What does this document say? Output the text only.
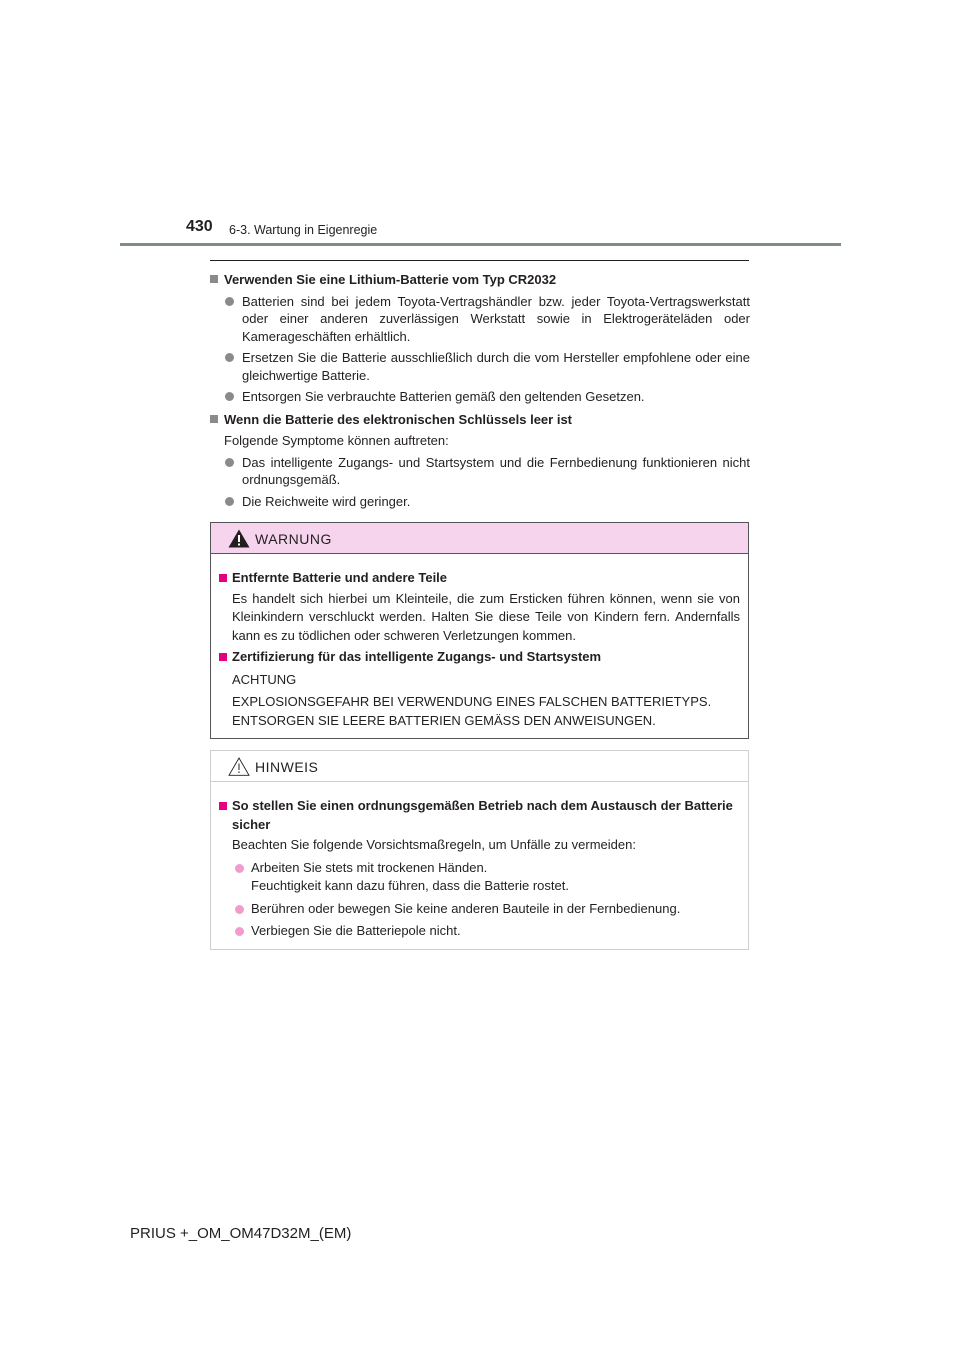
430 6-3. Wartung in Eigenregie
Verwenden Sie eine Lithium-Batterie vom Typ CR2032
Batterien sind bei jedem Toyota-Vertragshändler bzw. jeder Toyota-Vertragswerkstatt oder einer anderen zuverlässigen Werkstatt sowie in Elektrogeräteläden oder Kamerageschäften erhältlich.
Ersetzen Sie die Batterie ausschließlich durch die vom Hersteller empfohlene oder eine gleichwertige Batterie.
Entsorgen Sie verbrauchte Batterien gemäß den geltenden Gesetzen.
Wenn die Batterie des elektronischen Schlüssels leer ist
Folgende Symptome können auftreten:
Das intelligente Zugangs- und Startsystem und die Fernbedienung funktionieren nicht ordnungsgemäß.
Die Reichweite wird geringer.
WARNUNG
Entfernte Batterie und andere Teile
Es handelt sich hierbei um Kleinteile, die zum Ersticken führen können, wenn sie von Kleinkindern verschluckt werden. Halten Sie diese Teile von Kindern fern. Andernfalls kann es zu tödlichen oder schweren Verletzungen kommen.
Zertifizierung für das intelligente Zugangs- und Startsystem
ACHTUNG
EXPLOSIONSGEFAHR BEI VERWENDUNG EINES FALSCHEN BATTERIETYPS. ENTSORGEN SIE LEERE BATTERIEN GEMÄSS DEN ANWEISUNGEN.
HINWEIS
So stellen Sie einen ordnungsgemäßen Betrieb nach dem Austausch der Batterie sicher
Beachten Sie folgende Vorsichtsmaßregeln, um Unfälle zu vermeiden:
Arbeiten Sie stets mit trockenen Händen.
Feuchtigkeit kann dazu führen, dass die Batterie rostet.
Berühren oder bewegen Sie keine anderen Bauteile in der Fernbedienung.
Verbiegen Sie die Batteriepole nicht.
PRIUS +_OM_OM47D32M_(EM)
